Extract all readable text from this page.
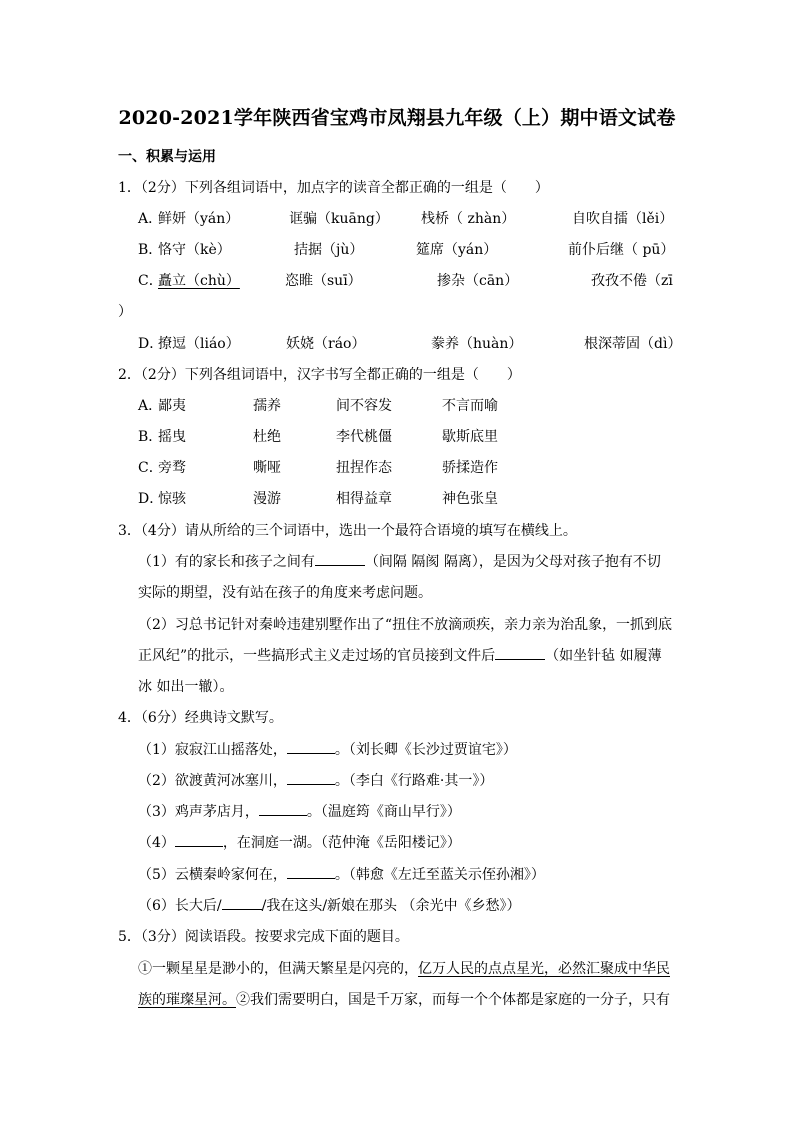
2020-2021学年陕西省宝鸡市凤翔县九年级（上）期中语文试卷
一、积累与运用
1．（2分）下列各组词语中，加点字的读音全都正确的一组是（　　）
A．
鲜妍（yán）	诓骗（kuāng） 栈桥（ zhàn）	自吹自擂（lěi）
B．
恪守（kè）	拮据（jù）	筵席（yán）	前仆后继（ pū）
C．
矗立（chù）	恣睢（suī）	掺杂（cān）	孜孜不倦（zī
）
D．
撩逗（liáo）	妖娆（ráo）	豢养（huàn）	根深蒂固（dì）
2．（2分）下列各组词语中，汉字书写全都正确的一组是（　　）
A．
鄙夷	孺养	间不容发	不言而喻
B．
摇曳	杜绝	李代桃僵	歇斯底里
C．
旁骛	嘶哑	扭捏作态	骄揉造作
D．
惊骇	漫游	相得益章	神色张皇
3．（4分）请从所给的三个词语中，选出一个最符合语境的填写在横线上。
（1）有的家长和孩子之间有	（间隔 隔阂 隔离），是因为父母对孩子抱有不切
实际的期望，没有站在孩子的角度来考虑问题。
（2）习总书记针对秦岭违建别墅作出了“扭住不放滴顽疾，亲力亲为治乱象，一抓到底
正风纪”的批示，一些搞形式主义走过场的官员接到文件后	（如坐针毡 如履薄
冰 如出一辙）。
4．（6分）经典诗文默写。
（1）寂寂江山摇落处，	。（刘长卿《长沙过贾谊宅》）
（2）欲渡黄河冰塞川，	。（李白《行路难·其一》）
（3）鸡声茅店月，	。（温庭筠《商山早行》）
（4）	，在洞庭一湖。（范仲淹《岳阳楼记》）
（5）云横秦岭家何在，	。（韩愈《左迁至蓝关示侄孙湘》）
（6）长大后/	/我在这头/新娘在那头 （余光中《乡愁》）
5．（3分）阅读语段。按要求完成下面的题目。
①一颗星星是渺小的，但满天繁星是闪亮的，亿万人民的点点星光，必然汇聚成中华民
族的璀璨星河。②我们需要明白，国是千万家，而每一个个体都是家庭的一分子，只有
